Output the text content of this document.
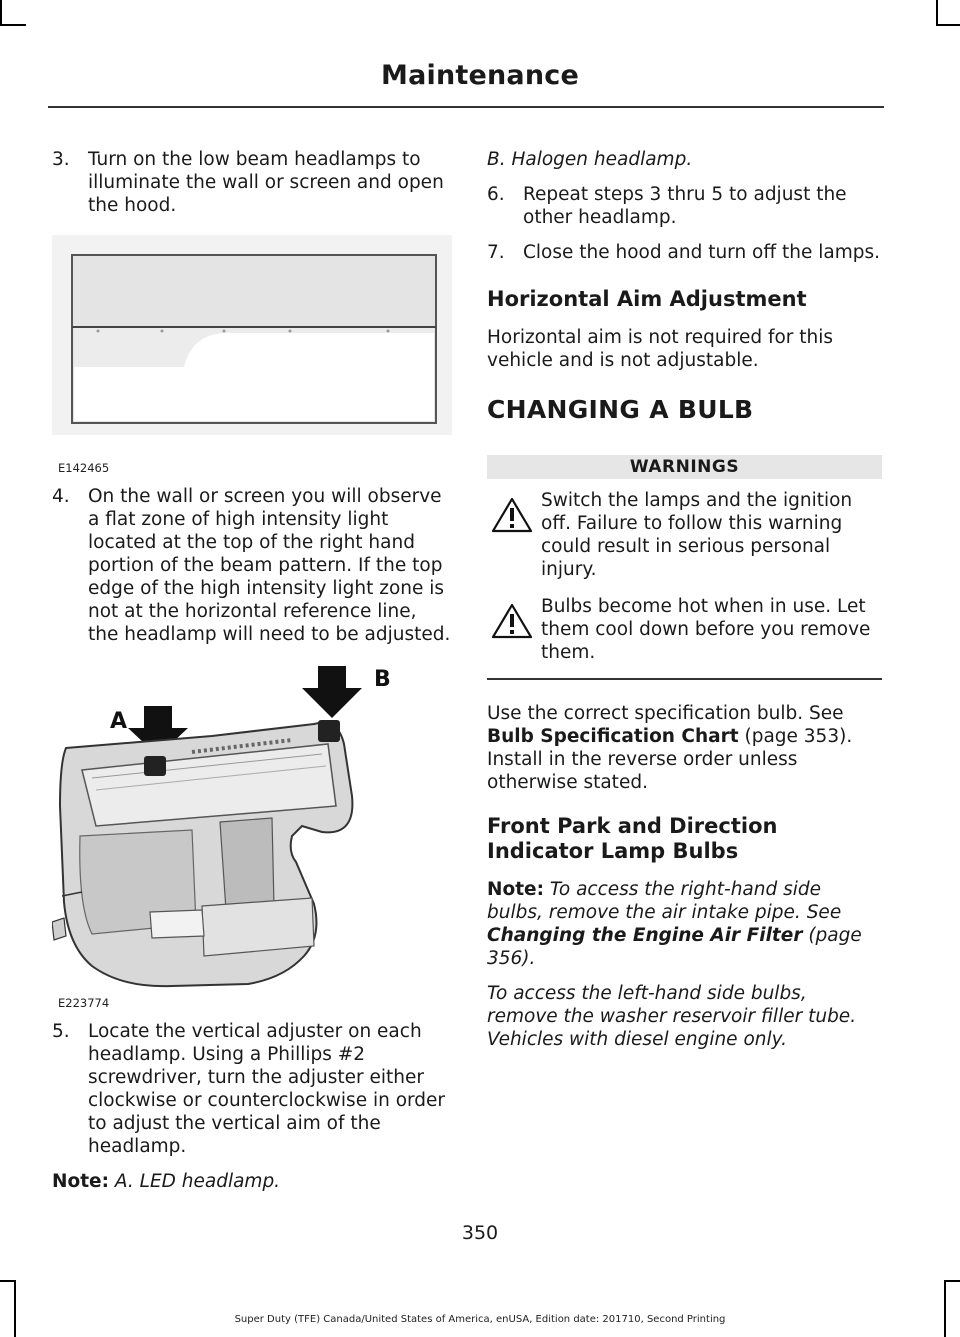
Maintenance
3. Turn on the low beam headlamps to illuminate the wall or screen and open the hood.
E142465
4. On the wall or screen you will observe a flat zone of high intensity light located at the top of the right hand portion of the beam pattern. If the top edge of the high intensity light zone is not at the horizontal reference line, the headlamp will need to be adjusted.
A
B
E223774
5. Locate the vertical adjuster on each headlamp. Using a Phillips #2 screwdriver, turn the adjuster either clockwise or counterclockwise in order to adjust the vertical aim of the headlamp.
Note: A. LED headlamp.
B. Halogen headlamp.
6. Repeat steps 3 thru 5 to adjust the other headlamp.
7. Close the hood and turn off the lamps.
Horizontal Aim Adjustment
Horizontal aim is not required for this vehicle and is not adjustable.
CHANGING A BULB
WARNINGS
Switch the lamps and the ignition off. Failure to follow this warning could result in serious personal injury.
Bulbs become hot when in use. Let them cool down before you remove them.
Use the correct specification bulb. See Bulb Specification Chart (page 353). Install in the reverse order unless otherwise stated.
Front Park and Direction Indicator Lamp Bulbs
Note: To access the right-hand side bulbs, remove the air intake pipe. See Changing the Engine Air Filter (page 356).
To access the left-hand side bulbs, remove the washer reservoir filler tube. Vehicles with diesel engine only.
350
Super Duty (TFE) Canada/United States of America, enUSA, Edition date: 201710, Second Printing
